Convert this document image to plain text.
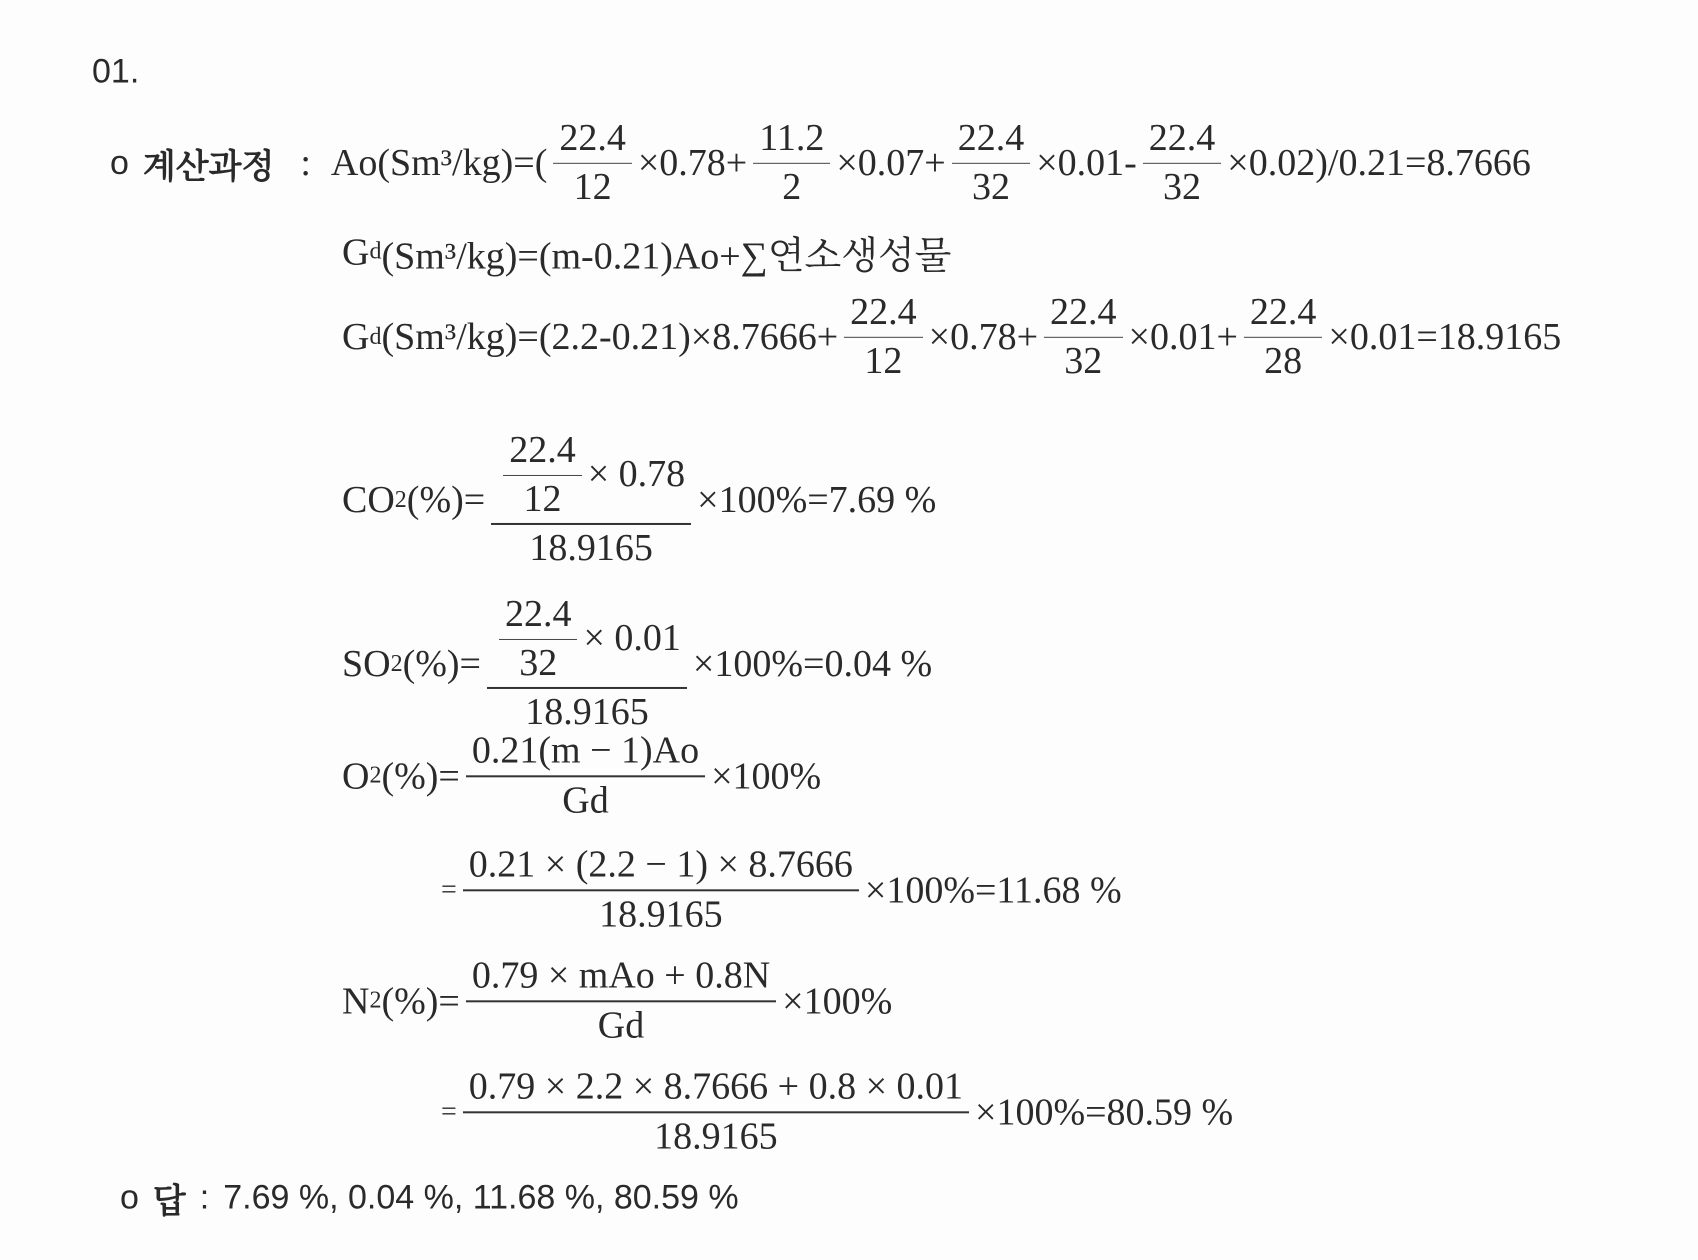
01.
o 계산과정 : $Ao(Sm^3/kg)=( \frac{22.4}{12} \times 0.78+ \frac{11.2}{2} \times 0.07+ \frac{22.4}{32} \times 0.01- \frac{22.4}{32} \times 0.02)/0.21=8.7666$
G d (Sm³/kg)=(m-0.21)Ao+∑연소생성물
G d $(Sm^3/kg)=(2.2-0.21)\times 8.7666+ \frac{22.4}{12} \times 0.78+ \frac{22.4}{32} \times 0.01+ \frac{22.4}{28} \times 0.01=18.9165$
CO 2 (%)= $\frac{\frac{22.4}{12} \times 0.78}{18.9165} \times 100\%=7.69$ %
SO 2 (%)= $\frac{\frac{22.4}{32} \times 0.01}{18.9165} \times 100\%=0.04$ %
O 2 (%)= $\frac{0.21(m - 1)Ao}{Gd} \times 100\%$
= $\frac{0.21 \times (2.2 - 1) \times 8.7666}{18.9165} \times 100\%=11.68$ %
N 2 (%)= $\frac{\text{0.79 × mAo + 0.8N}}{Gd} \times 100\%$
= $\frac{0.79 \times 2.2 \times 8.7666 + 0.8 \times 0.01}{18.9165} \times 100\%=80.59$ %
o 답 : 7.69 %, 0.04 %, 11.68 %, 80.59 %
